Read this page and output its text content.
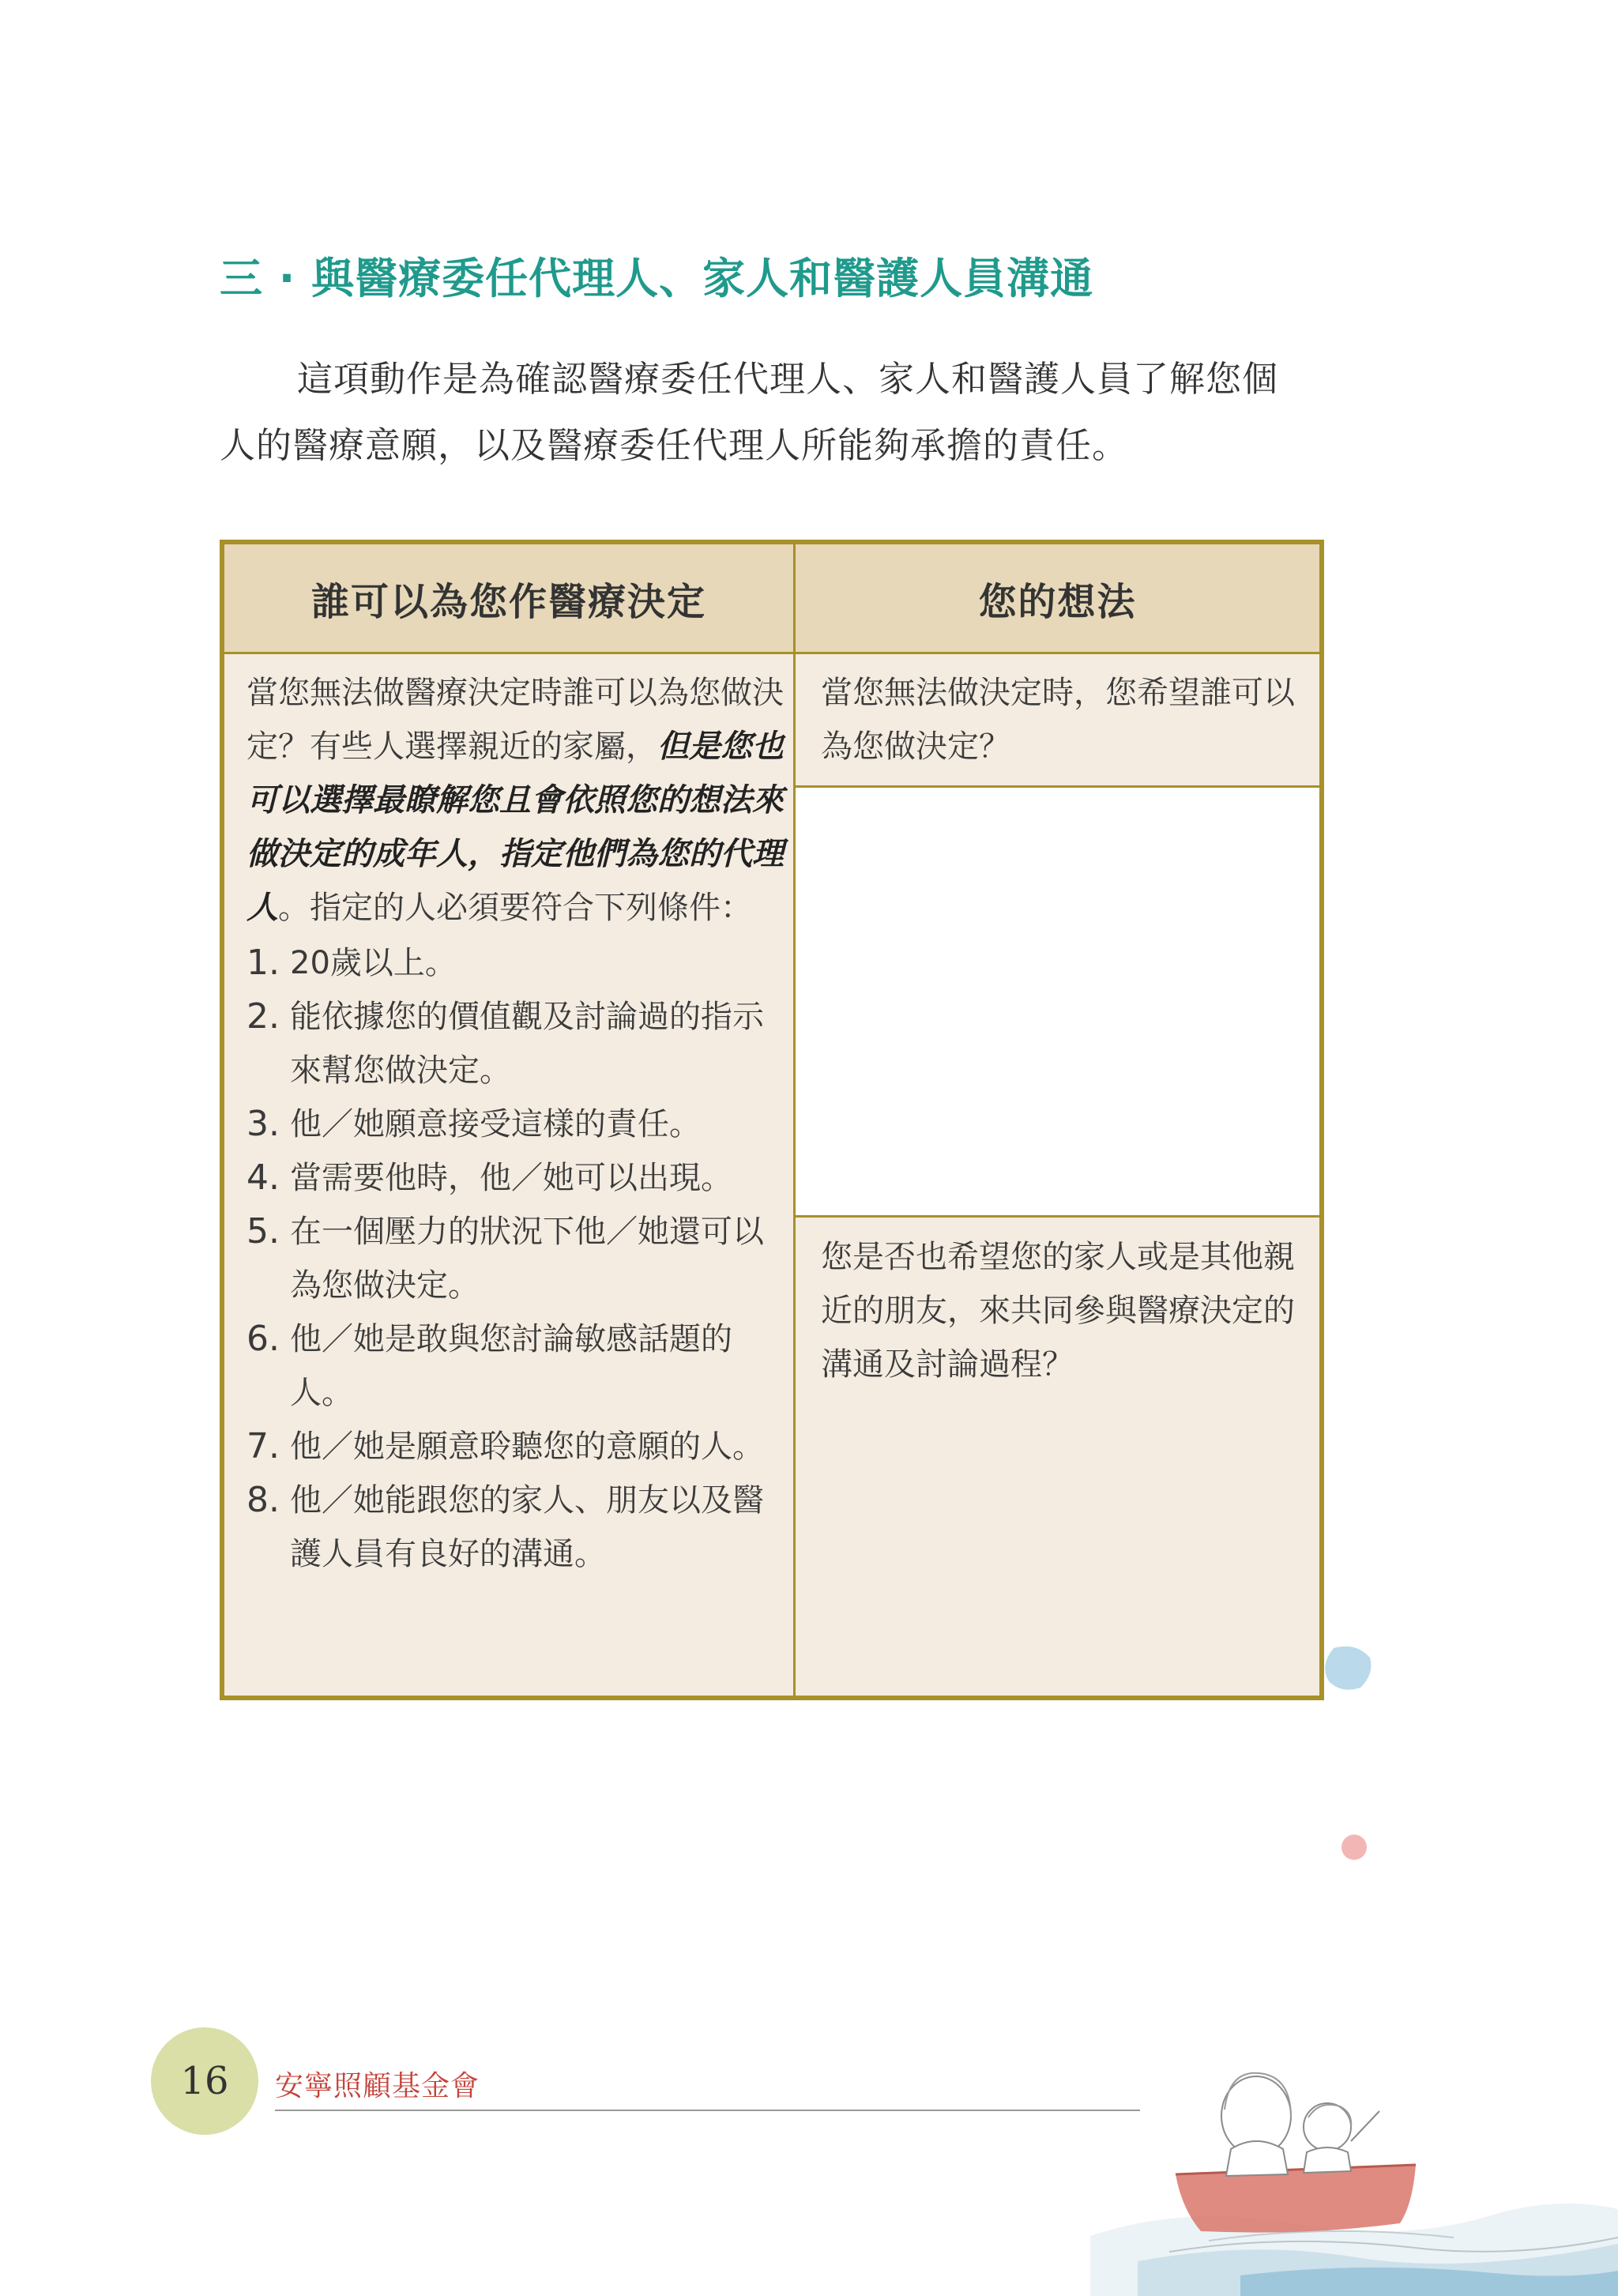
三 · 與醫療委任代理人、家人和醫護人員溝通
這項動作是為確認醫療委任代理人、家人和醫護人員了解您個人的醫療意願，以及醫療委任代理人所能夠承擔的責任。
誰可以為您作醫療決定	您的想法

當您無法做醫療決定時誰可以為您做決定？有些人選擇親近的家屬，但是您也可以選擇最瞭解您且會依照您的想法來做決定的成年人，指定他們為您的代理人。指定的人必須要符合下列條件：

1. 20歲以上。
2. 能依據您的價值觀及討論過的指示來幫您做決定。
3. 他／她願意接受這樣的責任。
4. 當需要他時，他／她可以出現。
5. 在一個壓力的狀況下他／她還可以為您做決定。
6. 他／她是敢與您討論敏感話題的人。
7. 他／她是願意聆聽您的意願的人。
8. 他／她能跟您的家人、朋友以及醫護人員有良好的溝通。
當您無法做決定時，您希望誰可以為您做決定？
您是否也希望您的家人或是其他親近的朋友，來共同參與醫療決定的溝通及討論過程？
16	安寧照顧基金會
